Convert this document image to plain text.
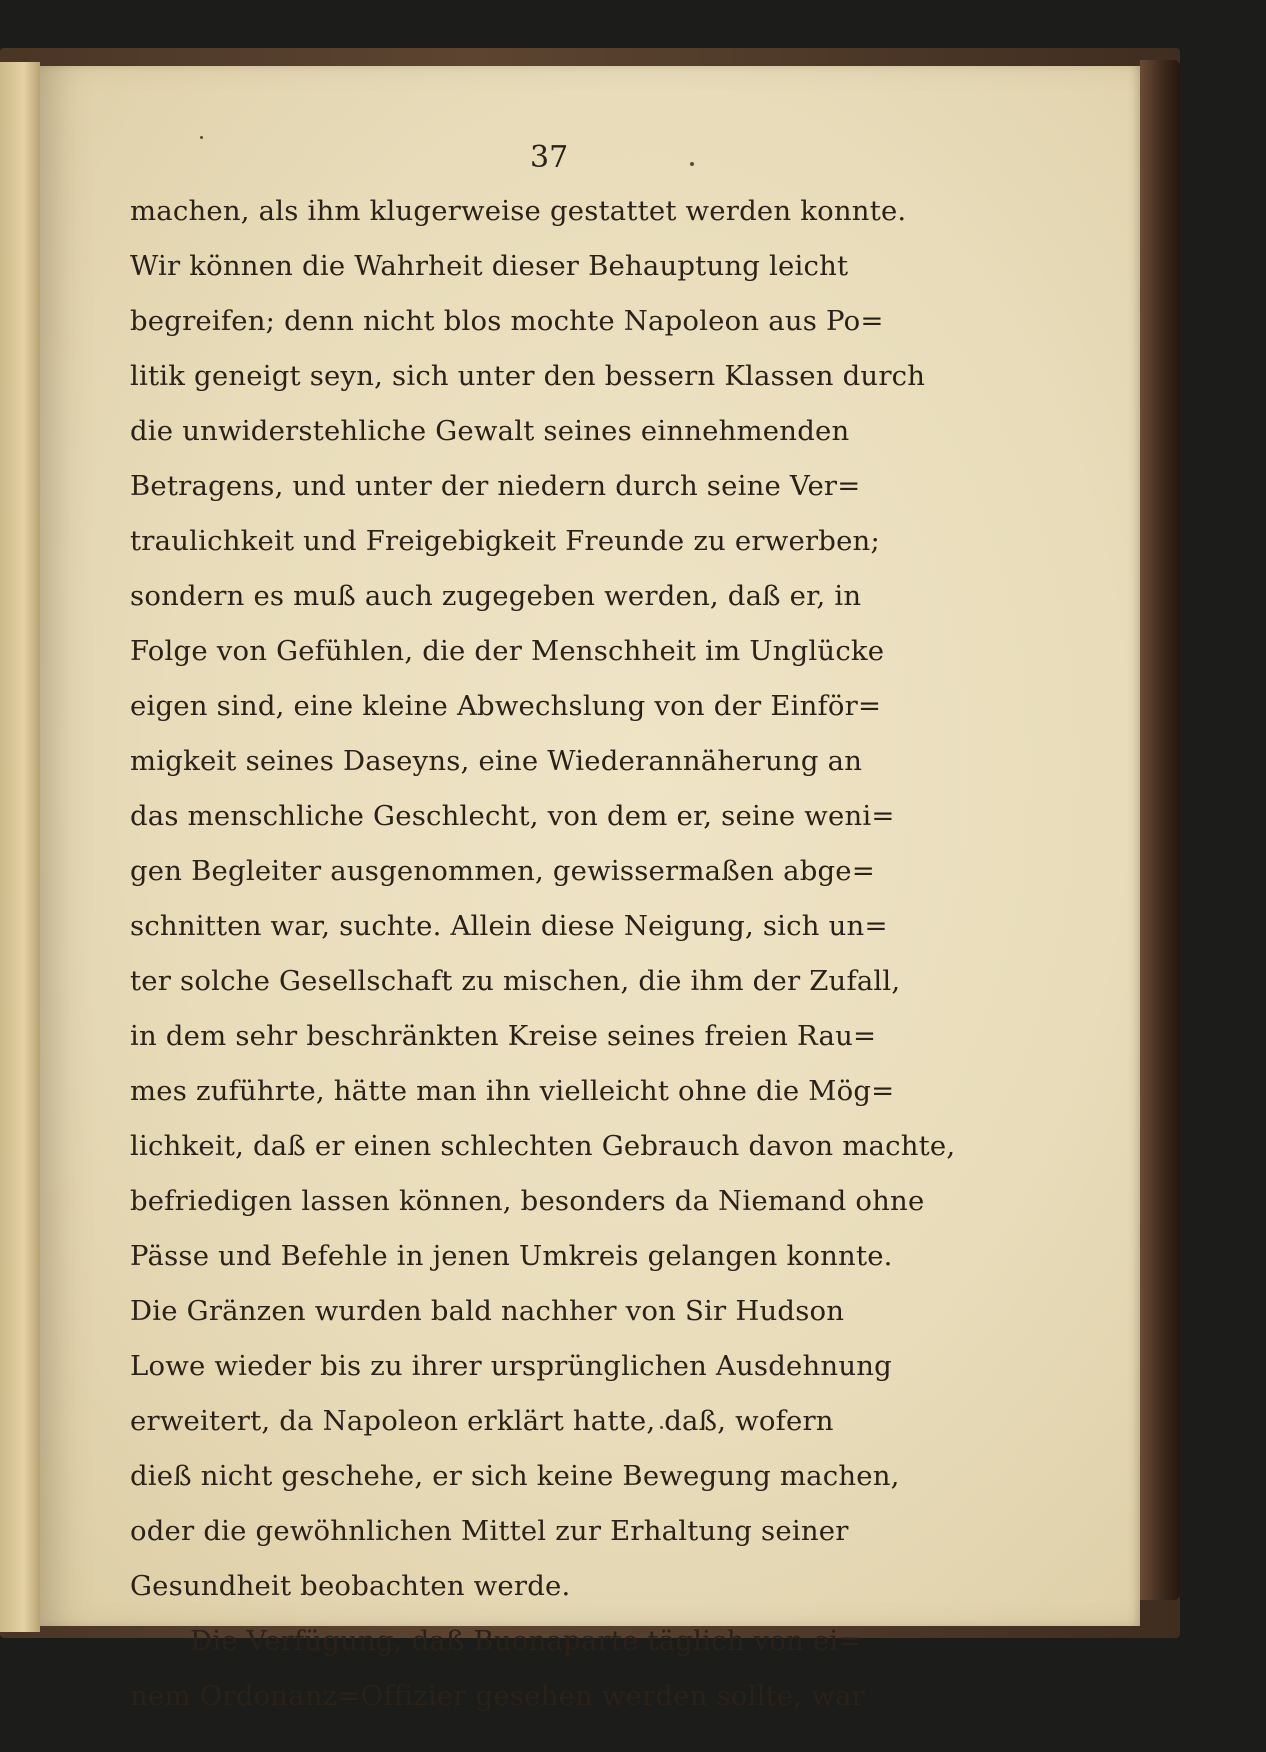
37
machen, als ihm klugerweise gestattet werden konnte.
Wir können die Wahrheit dieser Behauptung leicht
begreifen; denn nicht blos mochte Napoleon aus Po=
litik geneigt seyn, sich unter den bessern Klassen durch
die unwiderstehliche Gewalt seines einnehmenden
Betragens, und unter der niedern durch seine Ver=
traulichkeit und Freigebigkeit Freunde zu erwerben;
sondern es muß auch zugegeben werden, daß er, in
Folge von Gefühlen, die der Menschheit im Unglücke
eigen sind, eine kleine Abwechslung von der Einför=
migkeit seines Daseyns, eine Wiederannäherung an
das menschliche Geschlecht, von dem er, seine weni=
gen Begleiter ausgenommen, gewissermaßen abge=
schnitten war, suchte. Allein diese Neigung, sich un=
ter solche Gesellschaft zu mischen, die ihm der Zufall,
in dem sehr beschränkten Kreise seines freien Rau=
mes zuführte, hätte man ihn vielleicht ohne die Mög=
lichkeit, daß er einen schlechten Gebrauch davon machte,
befriedigen lassen können, besonders da Niemand ohne
Pässe und Befehle in jenen Umkreis gelangen konnte.
Die Gränzen wurden bald nachher von Sir Hudson
Lowe wieder bis zu ihrer ursprünglichen Ausdehnung
erweitert, da Napoleon erklärt hatte, daß, wofern
dieß nicht geschehe, er sich keine Bewegung machen,
oder die gewöhnlichen Mittel zur Erhaltung seiner
Gesundheit beobachten werde.
Die Verfügung, daß Buonaparte täglich von ei=
nem Ordonanz=Offizier gesehen werden sollte, war
